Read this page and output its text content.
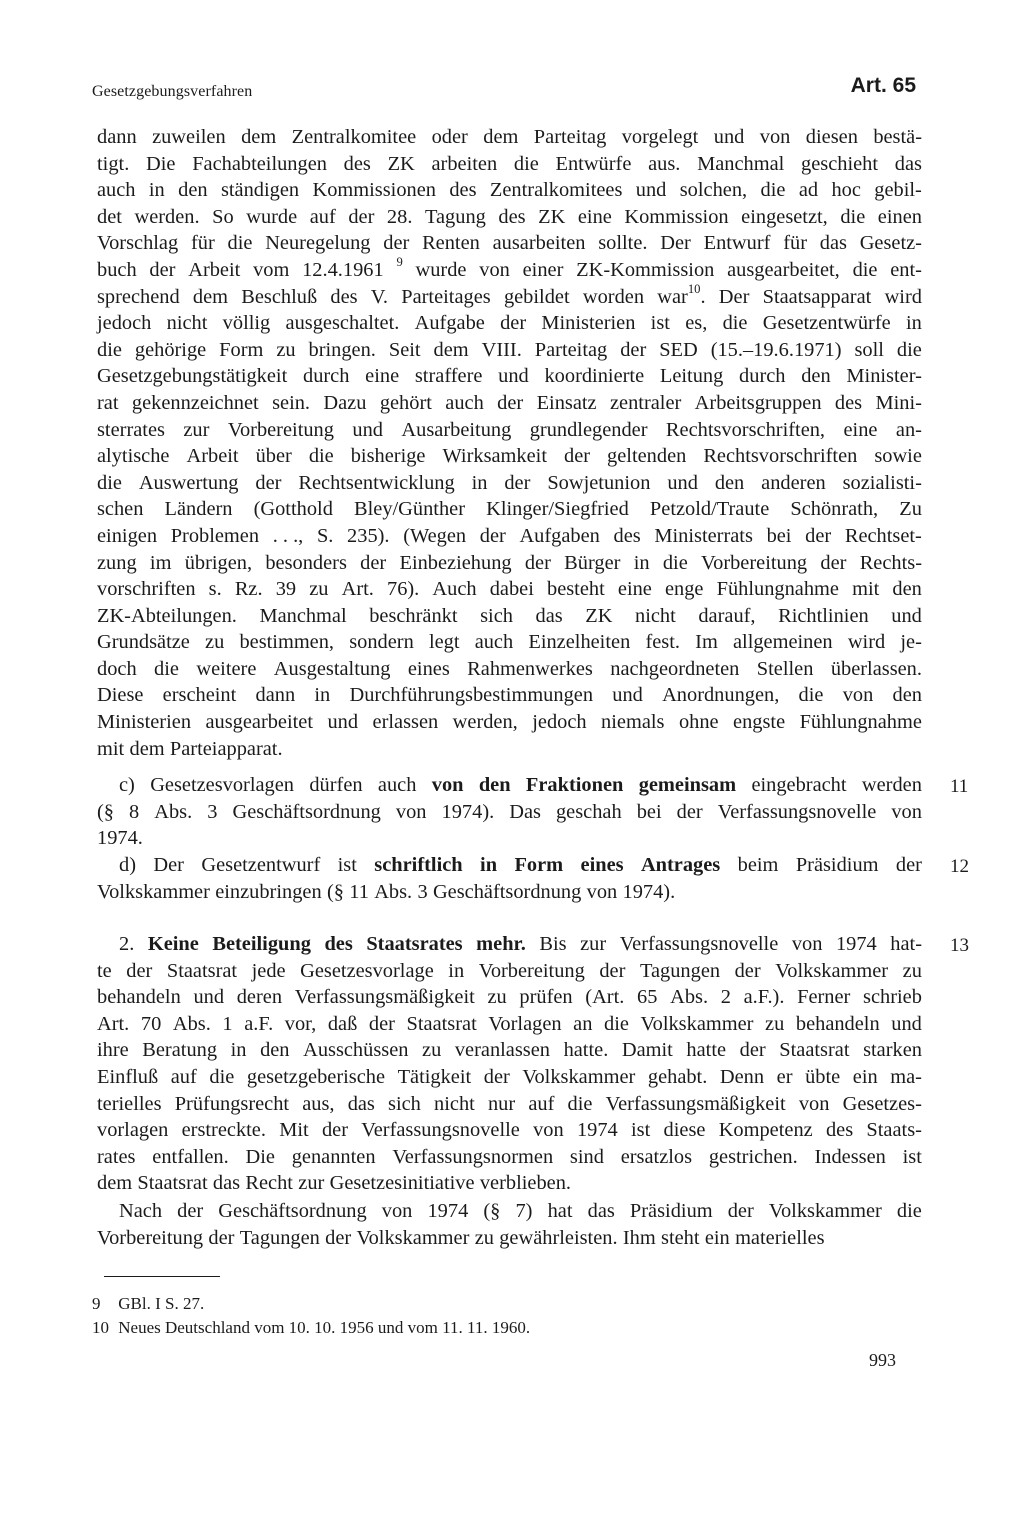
Gesetzgebungsverfahren	Art. 65
dann zuweilen dem Zentralkomitee oder dem Parteitag vorgelegt und von diesen bestä-
tigt. Die Fachabteilungen des ZK arbeiten die Entwürfe aus. Manchmal geschieht das
auch in den ständigen Kommissionen des Zentralkomitees und solchen, die ad hoc gebil-
det werden. So wurde auf der 28. Tagung des ZK eine Kommission eingesetzt, die einen
Vorschlag für die Neuregelung der Renten ausarbeiten sollte. Der Entwurf für das Gesetz-
buch der Arbeit vom 12.4.1961 $^9$ wurde von einer ZK-Kommission ausgearbeitet, die ent-
sprechend dem Beschluß des V. Parteitages gebildet worden war$^{10}$. Der Staatsapparat wird
jedoch nicht völlig ausgeschaltet. Aufgabe der Ministerien ist es, die Gesetzentwürfe in
die gehörige Form zu bringen. Seit dem VIII. Parteitag der SED (15.–19.6.1971) soll die
Gesetzgebungstätigkeit durch eine straffere und koordinierte Leitung durch den Minister-
rat gekennzeichnet sein. Dazu gehört auch der Einsatz zentraler Arbeitsgruppen des Mini-
sterrates zur Vorbereitung und Ausarbeitung grundlegender Rechtsvorschriften, eine an-
alytische Arbeit über die bisherige Wirksamkeit der geltenden Rechtsvorschriften sowie
die Auswertung der Rechtsentwicklung in der Sowjetunion und den anderen sozialisti-
schen Ländern (Gotthold Bley/Günther Klinger/Siegfried Petzold/Traute Schönrath, Zu
einigen Problemen . . ., S. 235). (Wegen der Aufgaben des Ministerrats bei der Rechtset-
zung im übrigen, besonders der Einbeziehung der Bürger in die Vorbereitung der Rechts-
vorschriften s. Rz. 39 zu Art. 76). Auch dabei besteht eine enge Fühlungnahme mit den
ZK-Abteilungen. Manchmal beschränkt sich das ZK nicht darauf, Richtlinien und
Grundsätze zu bestimmen, sondern legt auch Einzelheiten fest. Im allgemeinen wird je-
doch die weitere Ausgestaltung eines Rahmenwerkes nachgeordneten Stellen überlassen.
Diese erscheint dann in Durchführungsbestimmungen und Anordnungen, die von den
Ministerien ausgearbeitet und erlassen werden, jedoch niemals ohne engste Fühlungnahme
mit dem Parteiapparat.
11
c) Gesetzesvorlagen dürfen auch von den Fraktionen gemeinsam eingebracht werden
(§ 8 Abs. 3 Geschäftsordnung von 1974). Das geschah bei der Verfassungsnovelle von
1974.
12
d) Der Gesetzentwurf ist schriftlich in Form eines Antrages beim Präsidium der
Volkskammer einzubringen (§ 11 Abs. 3 Geschäftsordnung von 1974).
13
2. Keine Beteiligung des Staatsrates mehr. Bis zur Verfassungsnovelle von 1974 hat-
te der Staatsrat jede Gesetzesvorlage in Vorbereitung der Tagungen der Volkskammer zu
behandeln und deren Verfassungsmäßigkeit zu prüfen (Art. 65 Abs. 2 a.F.). Ferner schrieb
Art. 70 Abs. 1 a.F. vor, daß der Staatsrat Vorlagen an die Volkskammer zu behandeln und
ihre Beratung in den Ausschüssen zu veranlassen hatte. Damit hatte der Staatsrat starken
Einfluß auf die gesetzgeberische Tätigkeit der Volkskammer gehabt. Denn er übte ein ma-
terielles Prüfungsrecht aus, das sich nicht nur auf die Verfassungsmäßigkeit von Gesetzes-
vorlagen erstreckte. Mit der Verfassungsnovelle von 1974 ist diese Kompetenz des Staats-
rates entfallen. Die genannten Verfassungsnormen sind ersatzlos gestrichen. Indessen ist
dem Staatsrat das Recht zur Gesetzesinitiative verblieben.
Nach der Geschäftsordnung von 1974 (§ 7) hat das Präsidium der Volkskammer die
Vorbereitung der Tagungen der Volkskammer zu gewährleisten. Ihm steht ein materielles
9 GBl. I S. 27.
10 Neues Deutschland vom 10. 10. 1956 und vom 11. 11. 1960.
993
